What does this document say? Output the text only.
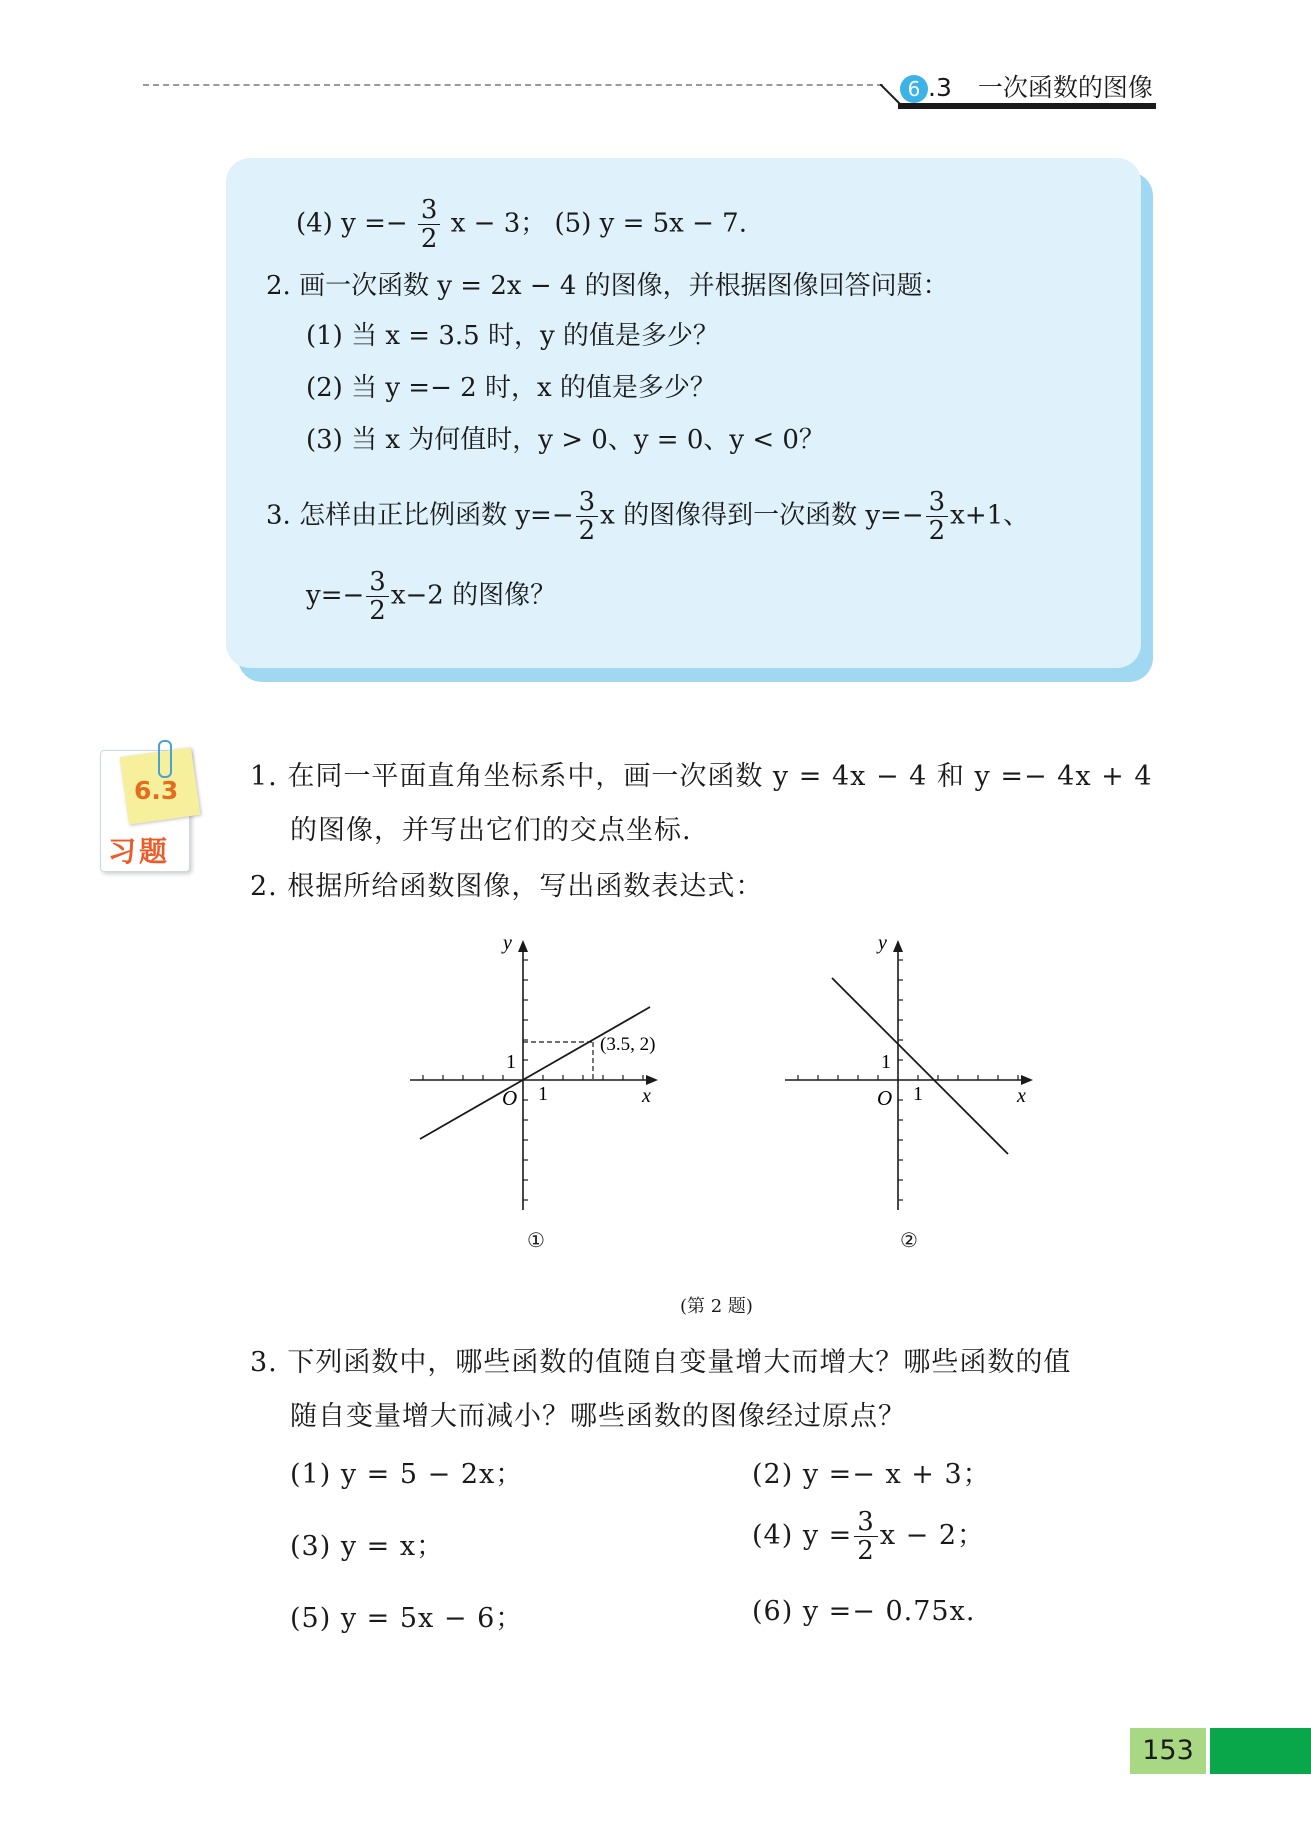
6 .3 一次函数的图像
(4) $y =- \frac{3}{2}$ x − 3； (5) y = 5x − 7.
2. 画一次函数 y = 2x − 4 的图像，并根据图像回答问题：
(1) 当 x = 3.5 时，y 的值是多少？
(2) 当 y =− 2 时，x 的值是多少？
(3) 当 x 为何值时，y > 0、y = 0、y < 0？
3. 怎样由正比例函数 $y=- \frac{3}{2}$ x 的图像得到一次函数 $y=- \frac{3}{2} x+1$、
$y=- \frac{3}{2} x-2$ 的图像？
6.3
习题
1. 在同一平面直角坐标系中，画一次函数 y = 4x − 4 和 y =− 4x + 4
的图像，并写出它们的交点坐标.
2. 根据所给函数图像，写出函数表达式：
y
x
O 1
1
(3.5, 2)
①
y
x
O 1
1
②
(第 2 题)
3. 下列函数中，哪些函数的值随自变量增大而增大？哪些函数的值
随自变量增大而减小？哪些函数的图像经过原点？
(1) y = 5 − 2x；	(2) y =− x + 3；
(3) y = x；	(4) $y = \frac{3}{2}$ x − 2；
(5) y = 5x − 6；	(6) y =− 0.75x.
153
